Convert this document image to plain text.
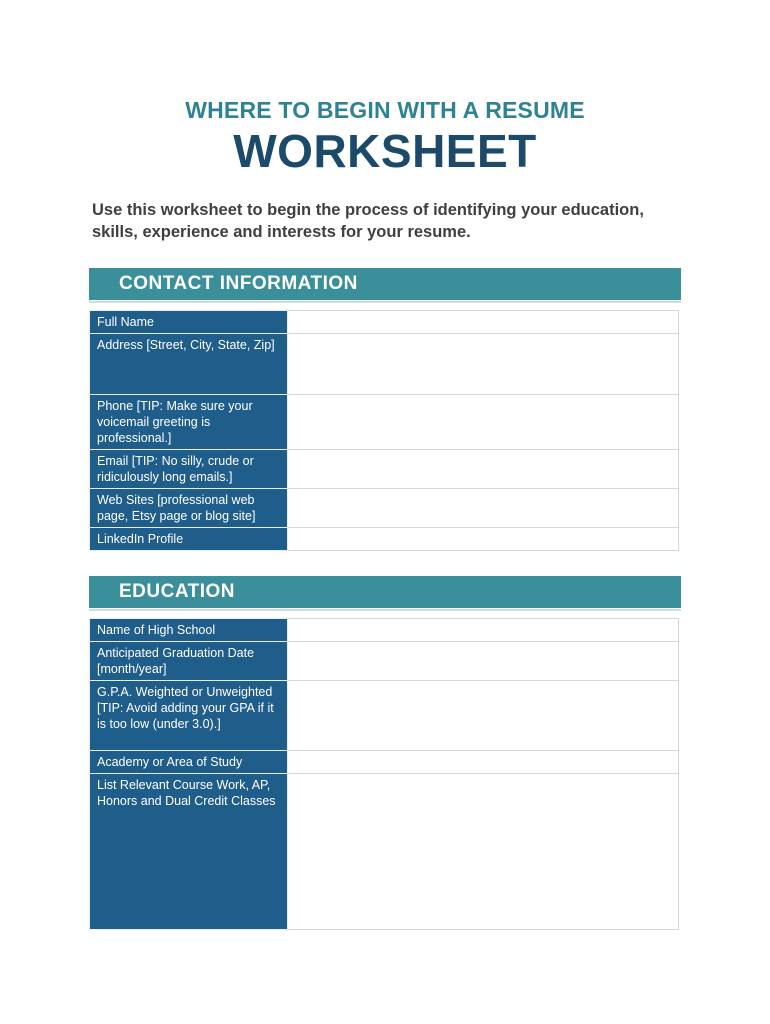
WHERE TO BEGIN WITH A RESUME
WORKSHEET
Use this worksheet to begin the process of identifying your education, skills, experience and interests for your resume.
CONTACT INFORMATION
Full Name	
Address [Street, City, State, Zip]	
Phone [TIP: Make sure your voicemail greeting is professional.]	
Email [TIP: No silly, crude or ridiculously long emails.]	
Web Sites [professional web page, Etsy page or blog site]	
LinkedIn Profile	
EDUCATION
Name of High School	
Anticipated Graduation Date [month/year]	
G.P.A. Weighted or Unweighted [TIP: Avoid adding your GPA if it is too low (under 3.0).]	
Academy or Area of Study	
List Relevant Course Work, AP, Honors and Dual Credit Classes	
